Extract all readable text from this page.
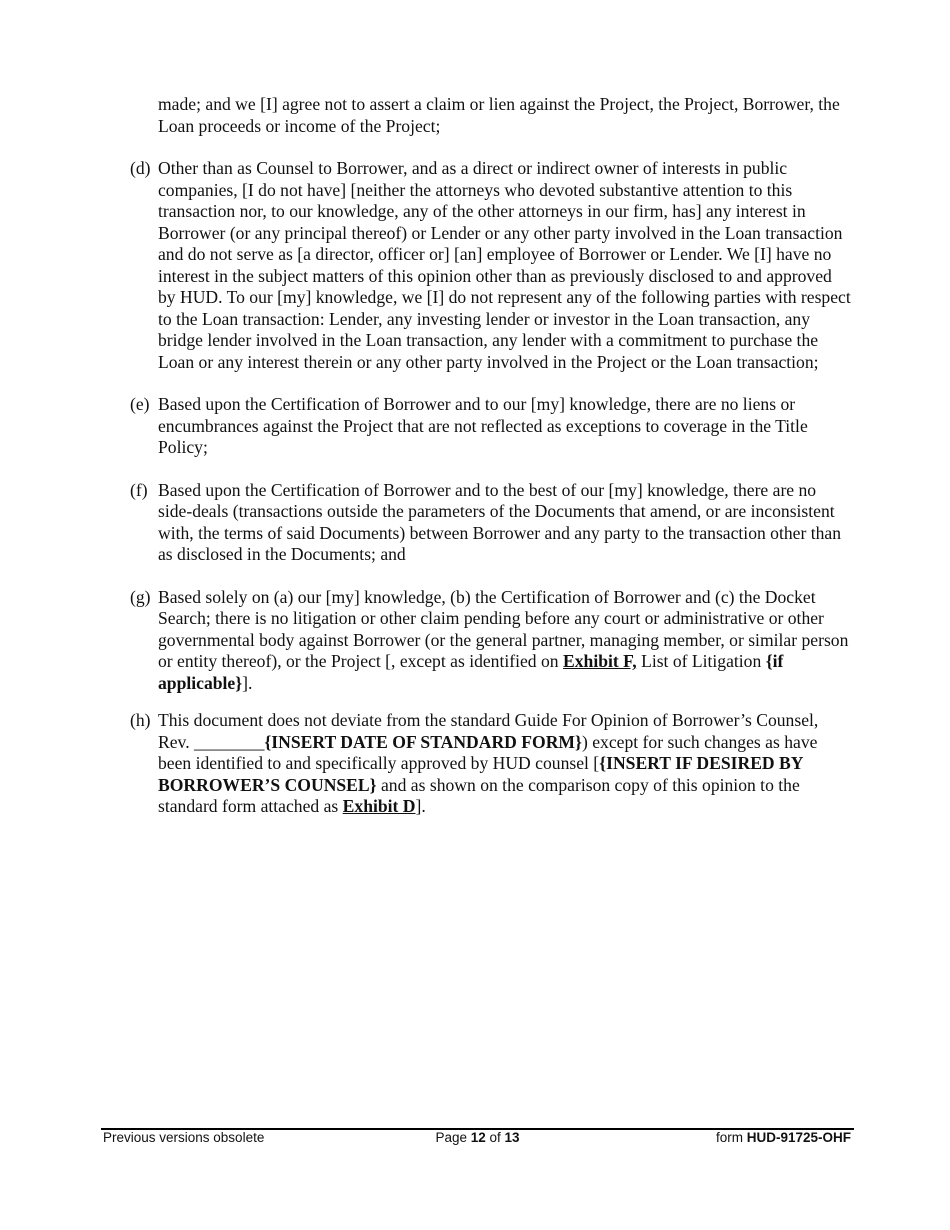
made; and we [I] agree not to assert a claim or lien against the Project, the Project, Borrower, the Loan proceeds or income of the Project;

(d) Other than as Counsel to Borrower, and as a direct or indirect owner of interests in public companies, [I do not have] [neither the attorneys who devoted substantive attention to this transaction nor, to our knowledge, any of the other attorneys in our firm, has] any interest in Borrower (or any principal thereof) or Lender or any other party involved in the Loan transaction and do not serve as [a director, officer or] [an] employee of Borrower or Lender. We [I] have no interest in the subject matters of this opinion other than as previously disclosed to and approved by HUD. To our [my] knowledge, we [I] do not represent any of the following parties with respect to the Loan transaction: Lender, any investing lender or investor in the Loan transaction, any bridge lender involved in the Loan transaction, any lender with a commitment to purchase the Loan or any interest therein or any other party involved in the Project or the Loan transaction;
(e) Based upon the Certification of Borrower and to our [my] knowledge, there are no liens or encumbrances against the Project that are not reflected as exceptions to coverage in the Title Policy;
(f) Based upon the Certification of Borrower and to the best of our [my] knowledge, there are no side-deals (transactions outside the parameters of the Documents that amend, or are inconsistent with, the terms of said Documents) between Borrower and any party to the transaction other than as disclosed in the Documents; and
(g) Based solely on (a) our [my] knowledge, (b) the Certification of Borrower and (c) the Docket Search; there is no litigation or other claim pending before any court or administrative or other governmental body against Borrower (or the general partner, managing member, or similar person or entity thereof), or the Project [, except as identified on Exhibit F, List of Litigation {if applicable}].
(h) This document does not deviate from the standard Guide For Opinion of Borrower’s Counsel, Rev. ________{INSERT DATE OF STANDARD FORM}) except for such changes as have been identified to and specifically approved by HUD counsel [{INSERT IF DESIRED BY BORROWER’S COUNSEL} and as shown on the comparison copy of this opinion to the standard form attached as Exhibit D].
Previous versions obsolete	Page 12 of 13	form HUD-91725-OHF
